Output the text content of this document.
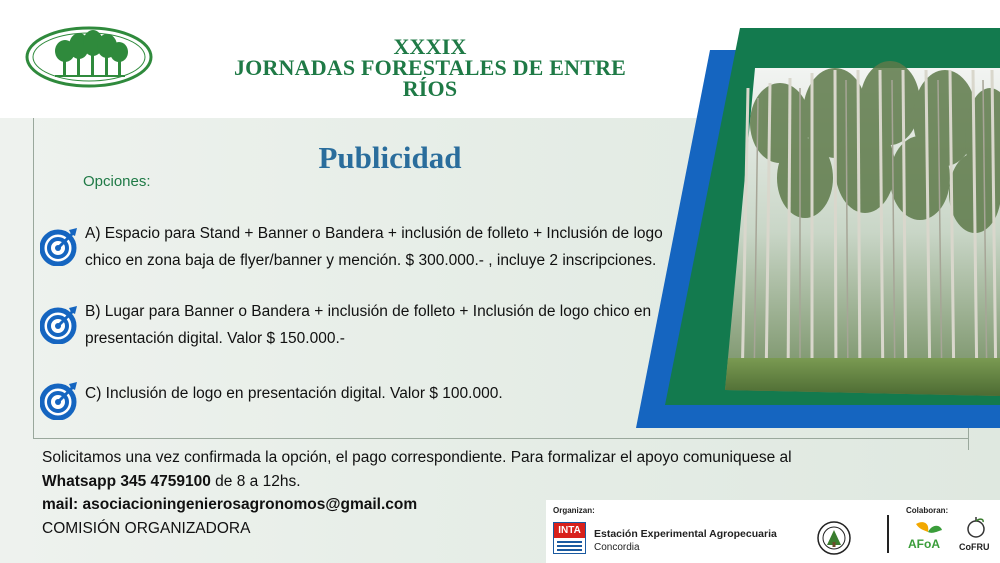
XXXIX
JORNADAS FORESTALES DE ENTRE
RÍOS
Publicidad
Opciones:
A) Espacio para Stand + Banner o Bandera + inclusión de folleto + Inclusión de logo
chico en zona baja de flyer/banner y mención. $ 300.000.- , incluye 2 inscripciones.
B) Lugar para Banner o Bandera + inclusión de folleto + Inclusión de logo chico en
presentación digital. Valor $ 150.000.-
C) Inclusión de logo en presentación digital. Valor $ 100.000.
Solicitamos una vez confirmada la opción, el pago correspondiente. Para formalizar el apoyo comuniquese al
Whatsapp 345 4759100 de 8 a 12hs.
mail: asociacioningenierosagronomos@gmail.com
COMISIÓN ORGANIZADORA
Organizan:
INTA	Estación Experimental Agropecuaria
Concordia
Colaboran:
AFoA CoFRU
